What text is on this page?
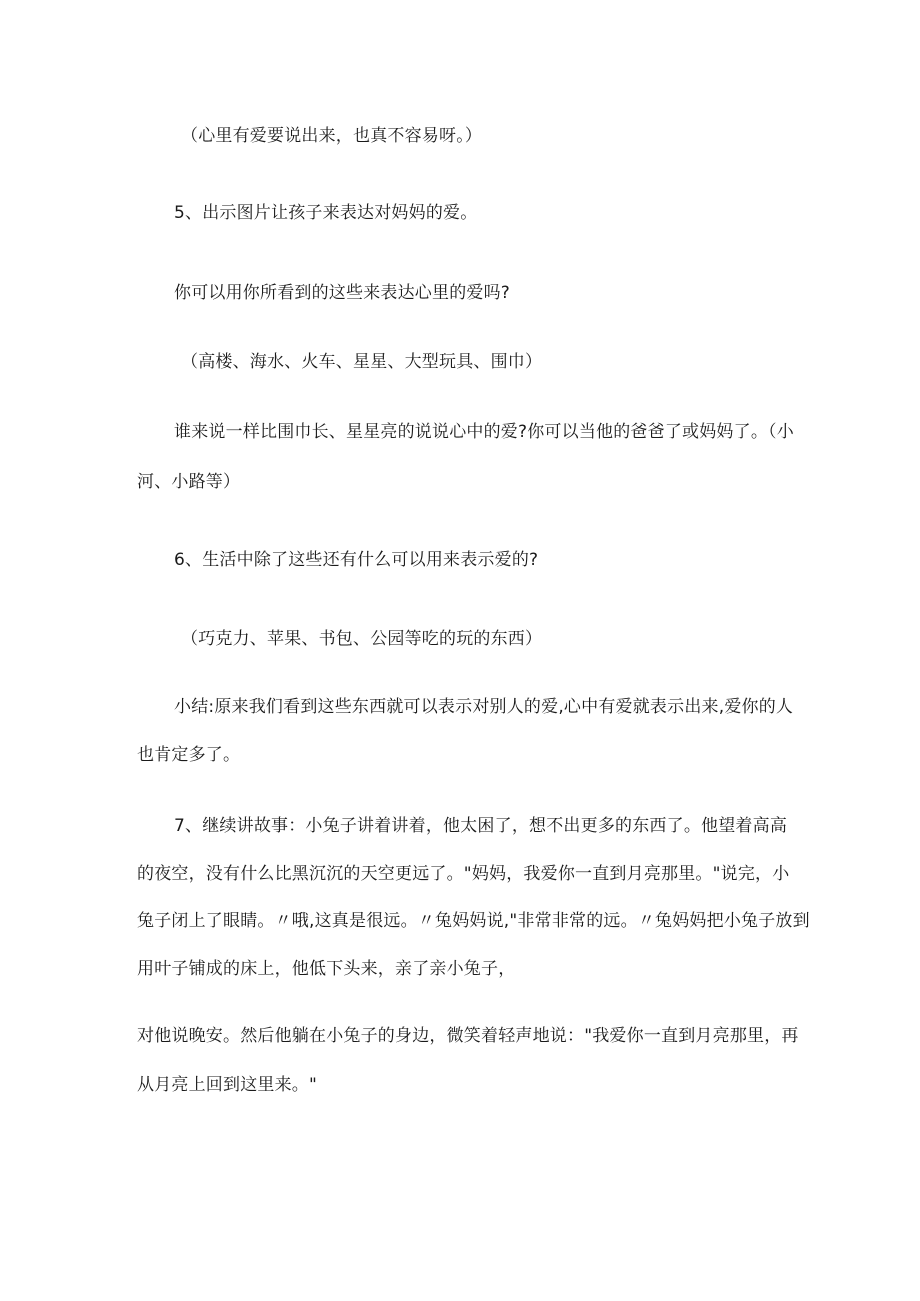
（心里有爱要说出来，也真不容易呀。）
5、出示图片让孩子来表达对妈妈的爱。
你可以用你所看到的这些来表达心里的爱吗?
（高楼、海水、火车、星星、大型玩具、围巾）
谁来说一样比围巾长、星星亮的说说心中的爱?你可以当他的爸爸了或妈妈了。（小
河、小路等）
6、生活中除了这些还有什么可以用来表示爱的?
（巧克力、苹果、书包、公园等吃的玩的东西）
小结:原来我们看到这些东西就可以表示对别人的爱,心中有爱就表示出来,爱你的人
也肯定多了。
7、继续讲故事：小兔子讲着讲着，他太困了，想不出更多的东西了。他望着高高
的夜空，没有什么比黑沉沉的天空更远了。"妈妈，我爱你一直到月亮那里。"说完，小
兔子闭上了眼睛。〃哦,这真是很远。〃兔妈妈说,"非常非常的远。〃兔妈妈把小兔子放到
用叶子铺成的床上，他低下头来，亲了亲小兔子，
对他说晚安。然后他躺在小兔子的身边，微笑着轻声地说："我爱你一直到月亮那里，再
从月亮上回到这里来。"
